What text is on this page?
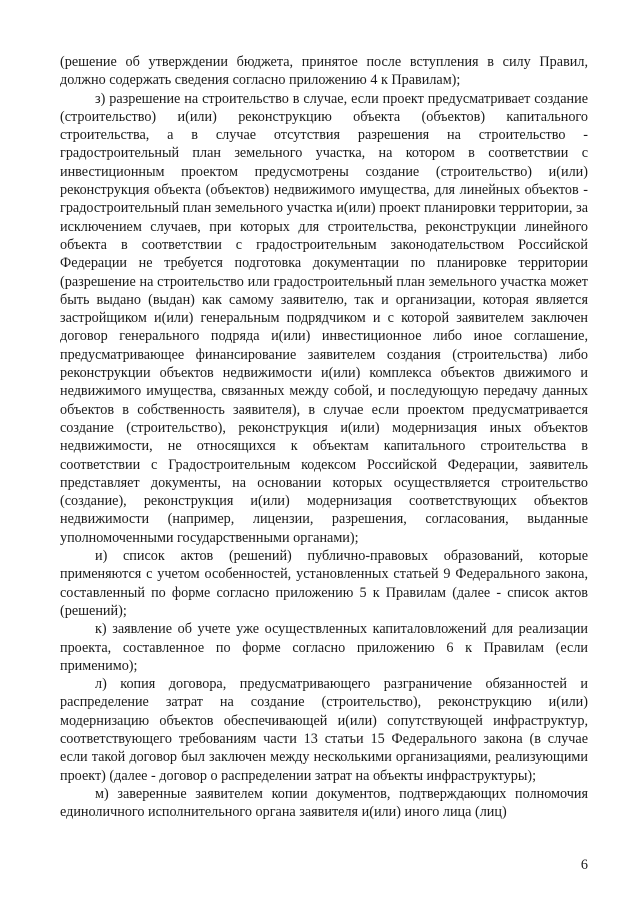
(решение об утверждении бюджета, принятое после вступления в силу Правил, должно содержать сведения согласно приложению 4 к Правилам);

з) разрешение на строительство в случае, если проект предусматривает создание (строительство) и(или) реконструкцию объекта (объектов) капитального строительства, а в случае отсутствия разрешения на строительство - градостроительный план земельного участка, на котором в соответствии с инвестиционным проектом предусмотрены создание (строительство) и(или) реконструкция объекта (объектов) недвижимого имущества, для линейных объектов - градостроительный план земельного участка и(или) проект планировки территории, за исключением случаев, при которых для строительства, реконструкции линейного объекта в соответствии с градостроительным законодательством Российской Федерации не требуется подготовка документации по планировке территории (разрешение на строительство или градостроительный план земельного участка может быть выдано (выдан) как самому заявителю, так и организации, которая является застройщиком и(или) генеральным подрядчиком и с которой заявителем заключен договор генерального подряда и(или) инвестиционное либо иное соглашение, предусматривающее финансирование заявителем создания (строительства) либо реконструкции объектов недвижимости и(или) комплекса объектов движимого и недвижимого имущества, связанных между собой, и последующую передачу данных объектов в собственность заявителя), в случае если проектом предусматривается создание (строительство), реконструкция и(или) модернизация иных объектов недвижимости, не относящихся к объектам капитального строительства в соответствии с Градостроительным кодексом Российской Федерации, заявитель представляет документы, на основании которых осуществляется строительство (создание), реконструкция и(или) модернизация соответствующих объектов недвижимости (например, лицензии, разрешения, согласования, выданные уполномоченными государственными органами);

и) список актов (решений) публично-правовых образований, которые применяются с учетом особенностей, установленных статьей 9 Федерального закона, составленный по форме согласно приложению 5 к Правилам (далее - список актов (решений);

к) заявление об учете уже осуществленных капиталовложений для реализации проекта, составленное по форме согласно приложению 6 к Правилам (если применимо);

л) копия договора, предусматривающего разграничение обязанностей и распределение затрат на создание (строительство), реконструкцию и(или) модернизацию объектов обеспечивающей и(или) сопутствующей инфраструктур, соответствующего требованиям части 13 статьи 15 Федерального закона (в случае если такой договор был заключен между несколькими организациями, реализующими проект) (далее - договор о распределении затрат на объекты инфраструктуры);

м) заверенные заявителем копии документов, подтверждающих полномочия единоличного исполнительного органа заявителя и(или) иного лица (лиц)

6
